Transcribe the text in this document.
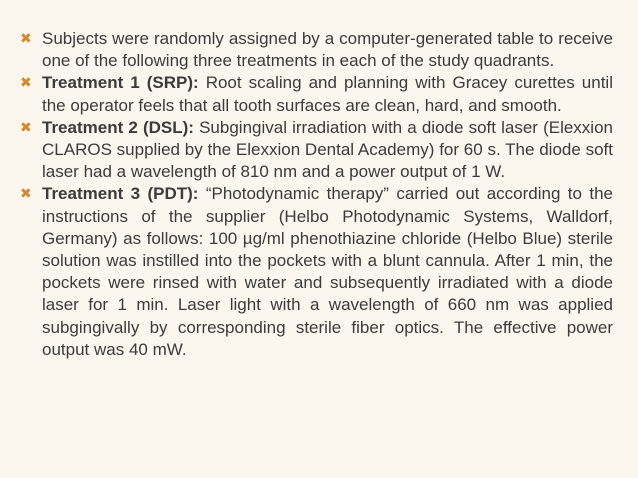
✖ Subjects were randomly assigned by a computer-generated table to receive one of the following three treatments in each of the study quadrants.

✖ Treatment 1 (SRP): Root scaling and planning with Gracey curettes until the operator feels that all tooth surfaces are clean, hard, and smooth.

✖ Treatment 2 (DSL): Subgingival irradiation with a diode soft laser (Elexxion CLAROS supplied by the Elexxion Dental Academy) for 60 s. The diode soft laser had a wavelength of 810 nm and a power output of 1 W.

✖ Treatment 3 (PDT): “Photodynamic therapy” carried out according to the instructions of the supplier (Helbo Photodynamic Systems, Walldorf, Germany) as follows: 100 µg/ml phenothiazine chloride (Helbo Blue) sterile solution was instilled into the pockets with a blunt cannula. After 1 min, the pockets were rinsed with water and subsequently irradiated with a diode laser for 1 min. Laser light with a wavelength of 660 nm was applied subgingivally by corresponding sterile fiber optics. The effective power output was 40 mW.
